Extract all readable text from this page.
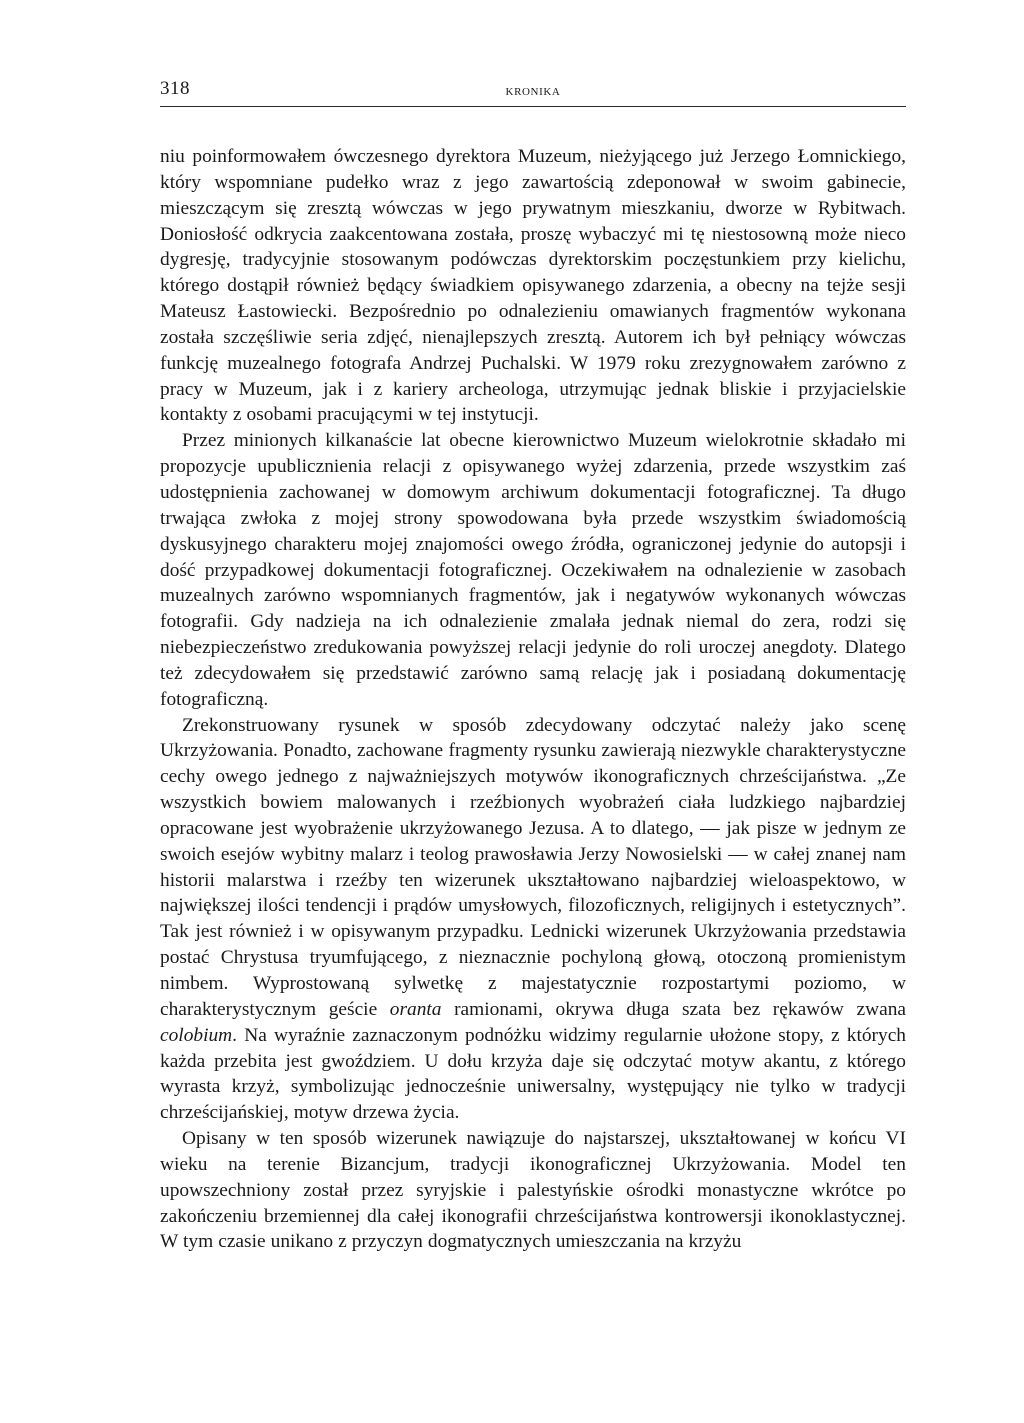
318	KRONIKA

niu poinformowałem ówczesnego dyrektora Muzeum, nieżyjącego już Jerzego Łomnickiego, który wspomniane pudełko wraz z jego zawartością zdeponował w swoim gabinecie, mieszczącym się zresztą wówczas w jego prywatnym mieszkaniu, dworze w Rybitwach. Doniosłość odkrycia zaakcentowana została, proszę wybaczyć mi tę niestosowną może nieco dygresję, tradycyjnie stosowanym podówczas dyrektorskim poczęstunkiem przy kielichu, którego dostąpił również będący świadkiem opisywanego zdarzenia, a obecny na tejże sesji Mateusz Łastowiecki. Bezpośrednio po odnalezieniu omawianych fragmentów wykonana została szczęśliwie seria zdjęć, nienajlepszych zresztą. Autorem ich był pełniący wówczas funkcję muzealnego fotografa Andrzej Puchalski. W 1979 roku zrezygnowałem zarówno z pracy w Muzeum, jak i z kariery archeologa, utrzymując jednak bliskie i przyjacielskie kontakty z osobami pracującymi w tej instytucji.

Przez minionych kilkanaście lat obecne kierownictwo Muzeum wielokrotnie składało mi propozycje upublicznienia relacji z opisywanego wyżej zdarzenia, przede wszystkim zaś udostępnienia zachowanej w domowym archiwum dokumentacji fotograficznej. Ta długo trwająca zwłoka z mojej strony spowodowana była przede wszystkim świadomością dyskusyjnego charakteru mojej znajomości owego źródła, ograniczonej jedynie do autopsji i dość przypadkowej dokumentacji fotograficznej. Oczekiwałem na odnalezienie w zasobach muzealnych zarówno wspomnianych fragmentów, jak i negatywów wykonanych wówczas fotografii. Gdy nadzieja na ich odnalezienie zmalała jednak niemal do zera, rodzi się niebezpieczeństwo zredukowania powyższej relacji jedynie do roli uroczej anegdoty. Dlatego też zdecydowałem się przedstawić zarówno samą relację jak i posiadaną dokumentację fotograficzną.

Zrekonstruowany rysunek w sposób zdecydowany odczytać należy jako scenę Ukrzyżowania. Ponadto, zachowane fragmenty rysunku zawierają niezwykle charakterystyczne cechy owego jednego z najważniejszych motywów ikonograficznych chrześcijaństwa. „Ze wszystkich bowiem malowanych i rzeźbionych wyobrażeń ciała ludzkiego najbardziej opracowane jest wyobrażenie ukrzyżowanego Jezusa. A to dlatego, — jak pisze w jednym ze swoich esejów wybitny malarz i teolog prawosławia Jerzy Nowosielski — w całej znanej nam historii malarstwa i rzeźby ten wizerunek ukształtowano najbardziej wieloaspektowo, w największej ilości tendencji i prądów umysłowych, filozoficznych, religijnych i estetycznych”. Tak jest również i w opisywanym przypadku. Lednicki wizerunek Ukrzyżowania przedstawia postać Chrystusa tryumfującego, z nieznacznie pochyloną głową, otoczoną promienistym nimbem. Wyprostowaną sylwetkę z majestatycznie rozpostartymi poziomo, w charakterystycznym geście oranta ramionami, okrywa długa szata bez rękawów zwana colobium. Na wyraźnie zaznaczonym podnóżku widzimy regularnie ułożone stopy, z których każda przebita jest gwoździem. U dołu krzyża daje się odczytać motyw akantu, z którego wyrasta krzyż, symbolizując jednocześnie uniwersalny, występujący nie tylko w tradycji chrześcijańskiej, motyw drzewa życia.

Opisany w ten sposób wizerunek nawiązuje do najstarszej, ukształtowanej w końcu VI wieku na terenie Bizancjum, tradycji ikonograficznej Ukrzyżowania. Model ten upowszechniony został przez syryjskie i palestyńskie ośrodki monastyczne wkrótce po zakończeniu brzemiennej dla całej ikonografii chrześcijaństwa kontrowersji ikonoklastycznej. W tym czasie unikano z przyczyn dogmatycznych umieszczania na krzyżu
